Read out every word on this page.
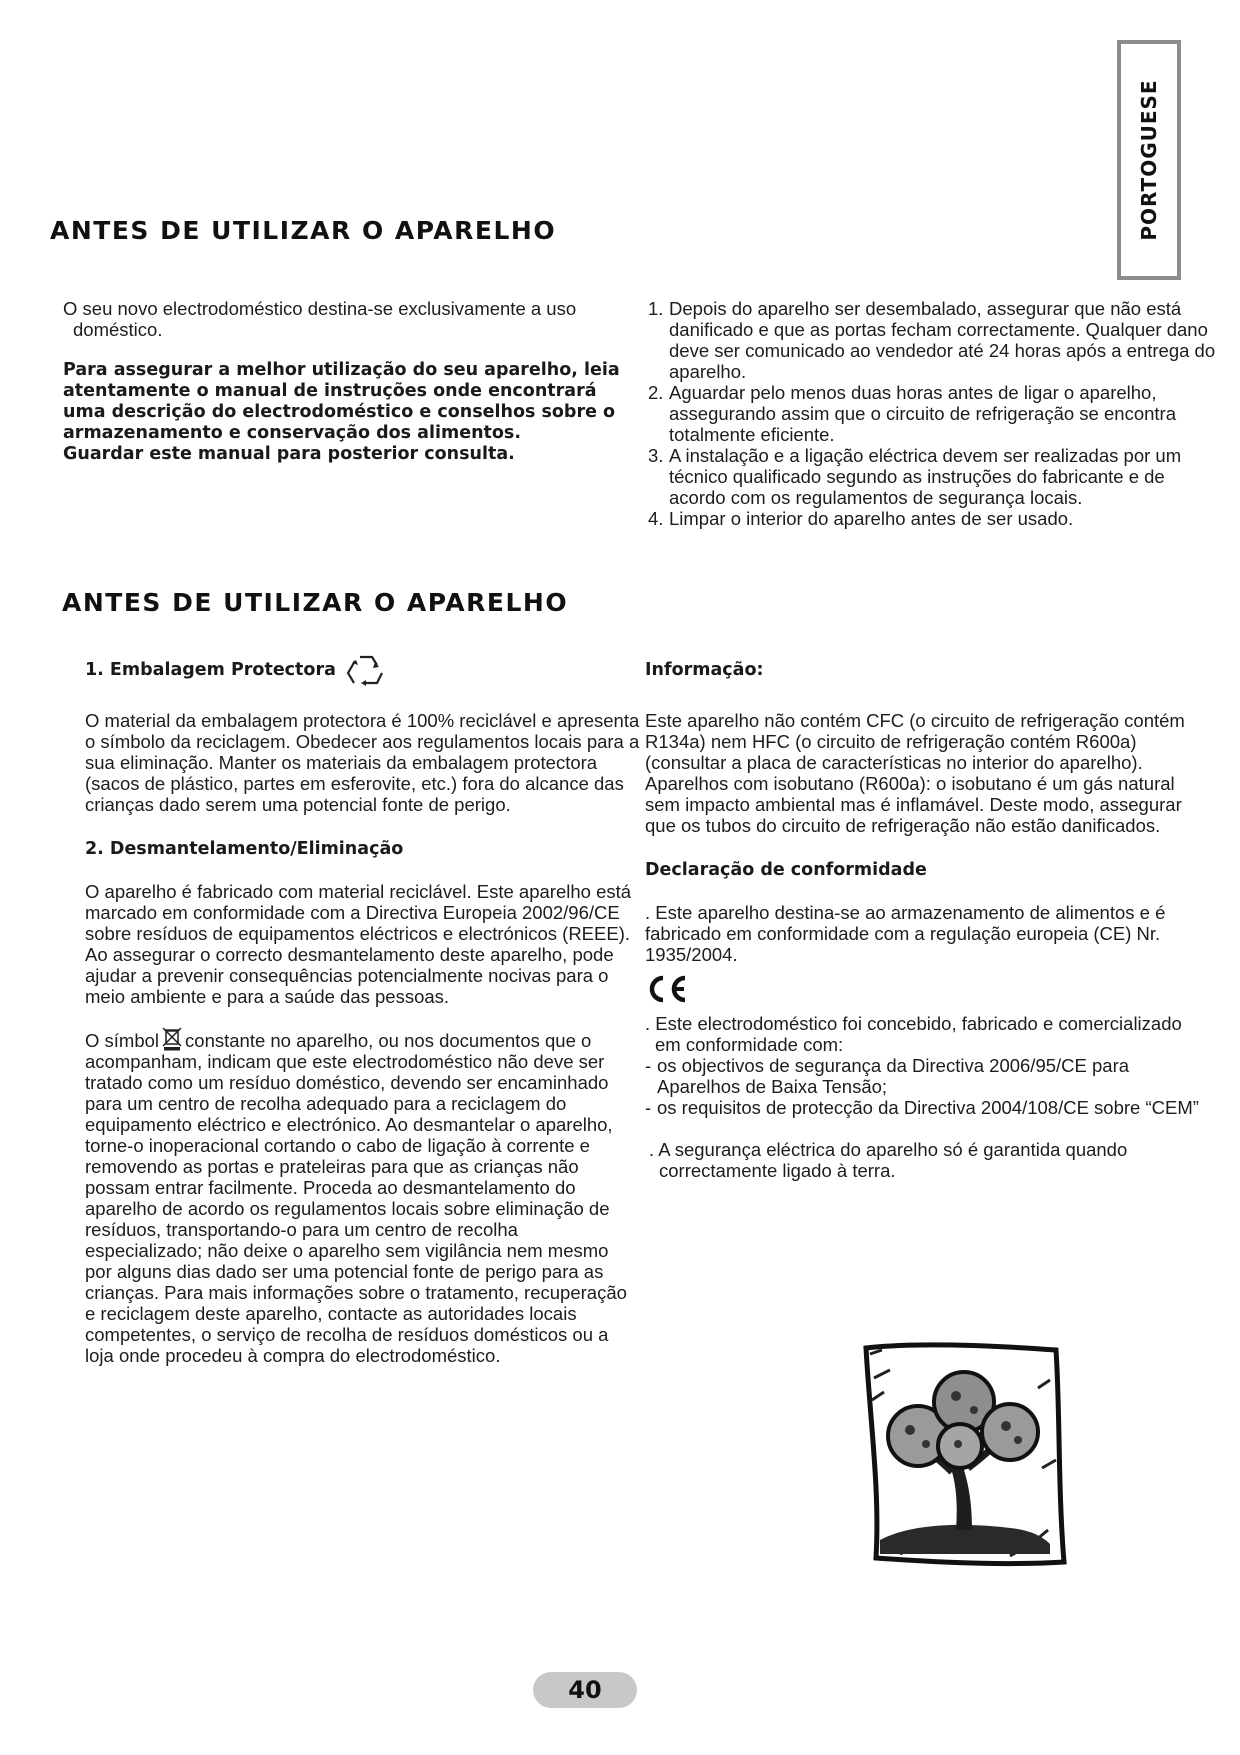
PORTOGUESE
ANTES DE UTILIZAR O APARELHO

O seu novo electrodoméstico destina-se exclusivamente a uso doméstico.

Para assegurar a melhor utilização do seu aparelho, leia atentamente o manual de instruções onde encontrará uma descrição do electrodoméstico e conselhos sobre o armazenamento e conservação dos alimentos.

Guardar este manual para posterior consulta.

1. Depois do aparelho ser desembalado, assegurar que não está danificado e que as portas fecham correctamente. Qualquer dano deve ser comunicado ao vendedor até 24 horas após a entrega do aparelho.
2. Aguardar pelo menos duas horas antes de ligar o aparelho, assegurando assim que o circuito de refrigeração se encontra totalmente eficiente.
3. A instalação e a ligação eléctrica devem ser realizadas por um técnico qualificado segundo as instruções do fabricante e de acordo com os regulamentos de segurança locais.
4. Limpar o interior do aparelho antes de ser usado.
ANTES DE UTILIZAR O APARELHO
1. Embalagem Protectora

O material da embalagem protectora é 100% reciclável e apresenta o símbolo da reciclagem. Obedecer aos regulamentos locais para a sua eliminação. Manter os materiais da embalagem protectora (sacos de plástico, partes em esferovite, etc.) fora do alcance das crianças dado serem uma potencial fonte de perigo.

2. Desmantelamento/Eliminação

O aparelho é fabricado com material reciclável. Este aparelho está marcado em conformidade com a Directiva Europeia 2002/96/CE sobre resíduos de equipamentos eléctricos e electrónicos (REEE). Ao assegurar o correcto desmantelamento deste aparelho, pode ajudar a prevenir consequências potencialmente nocivas para o meio ambiente e para a saúde das pessoas.

O símbol constante no aparelho, ou nos documentos que o acompanham, indicam que este electrodoméstico não deve ser tratado como um resíduo doméstico, devendo ser encaminhado para um centro de recolha adequado para a reciclagem do equipamento eléctrico e electrónico. Ao desmantelar o aparelho, torne-o inoperacional cortando o cabo de ligação à corrente e removendo as portas e prateleiras para que as crianças não possam entrar facilmente. Proceda ao desmantelamento do aparelho de acordo os regulamentos locais sobre eliminação de resíduos, transportando-o para um centro de recolha especializado; não deixe o aparelho sem vigilância nem mesmo por alguns dias dado ser uma potencial fonte de perigo para as crianças. Para mais informações sobre o tratamento, recuperação e reciclagem deste aparelho, contacte as autoridades locais competentes, o serviço de recolha de resíduos domésticos ou a loja onde procedeu à compra do electrodoméstico.

Informação:

Este aparelho não contém CFC (o circuito de refrigeração contém R134a) nem HFC (o circuito de refrigeração contém R600a) (consultar a placa de características no interior do aparelho). Aparelhos com isobutano (R600a): o isobutano é um gás natural sem impacto ambiental mas é inflamável. Deste modo, assegurar que os tubos do circuito de refrigeração não estão danificados.

Declaração de conformidade

. Este aparelho destina-se ao armazenamento de alimentos e é fabricado em conformidade com a regulação europeia (CE) Nr. 1935/2004.

. Este electrodoméstico foi concebido, fabricado e comercializado em conformidade com:

- os objectivos de segurança da Directiva 2006/95/CE para Aparelhos de Baixa Tensão;
- os requisitos de protecção da Directiva 2004/108/CE sobre “CEM”

. A segurança eléctrica do aparelho só é garantida quando correctamente ligado à terra.

40
